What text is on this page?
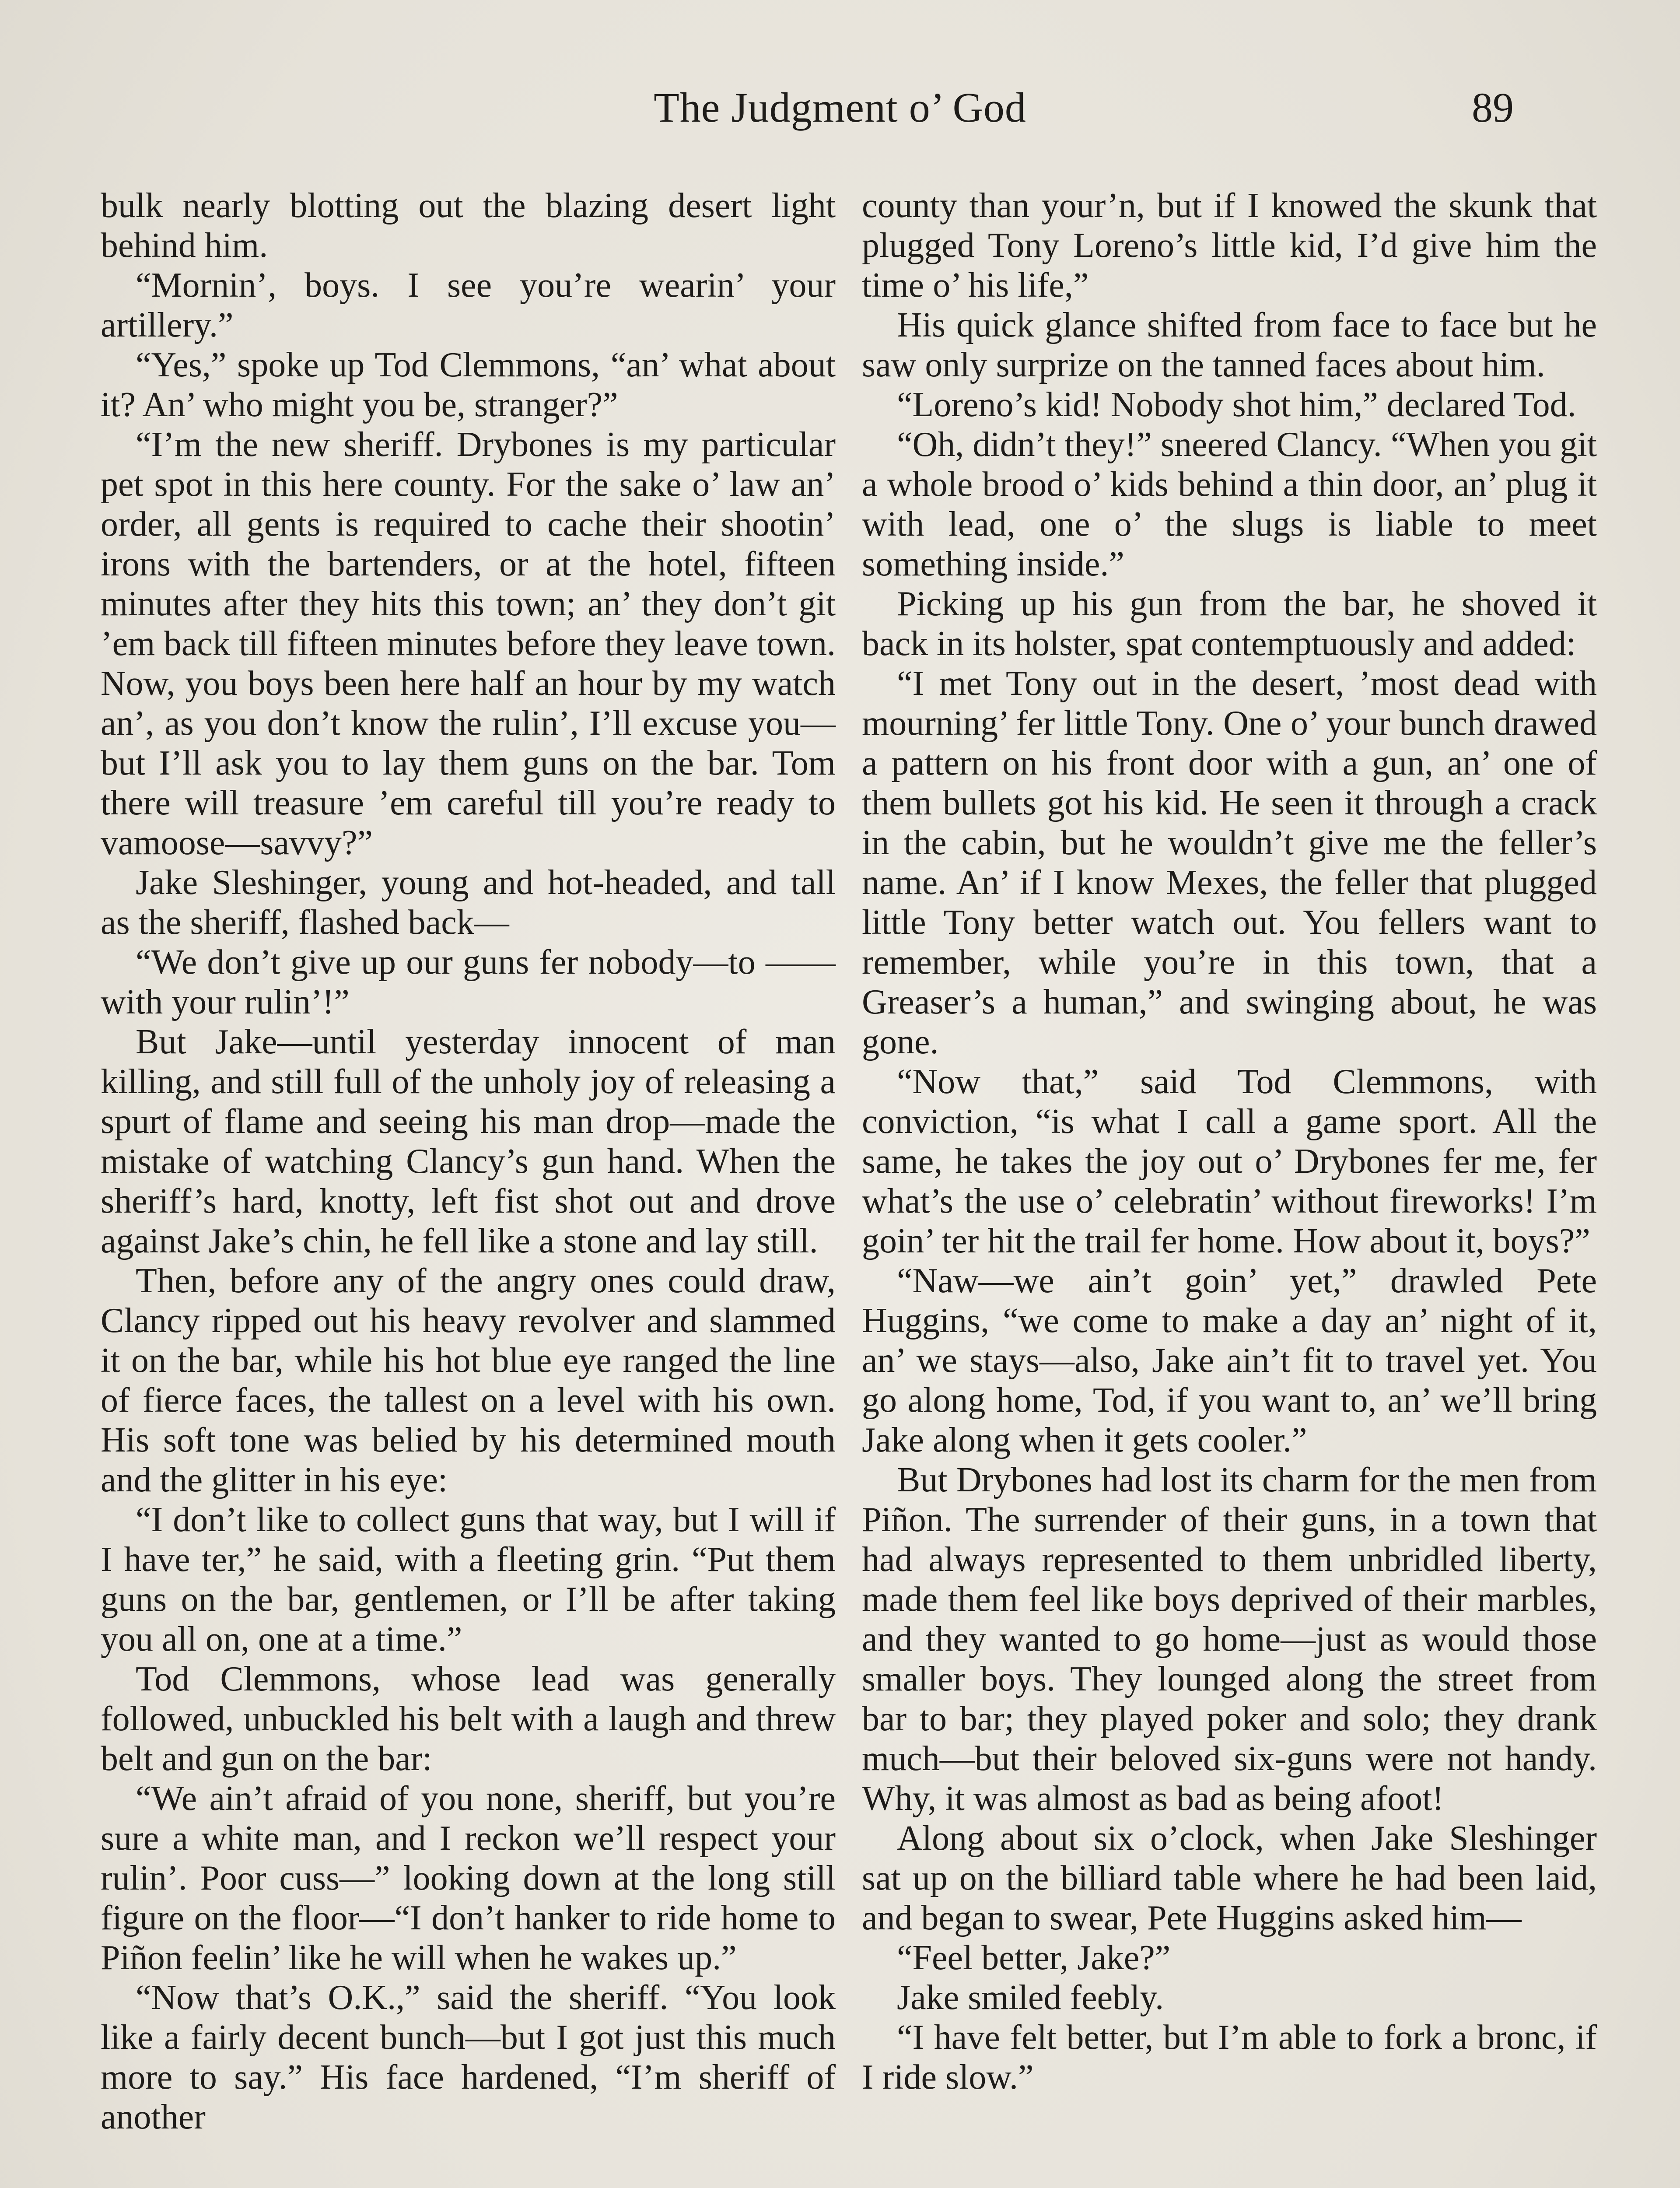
The Judgment o’ God	89

bulk nearly blotting out the blazing desert light behind him.

“Mornin’, boys. I see you’re wearin’ your artillery.”

“Yes,” spoke up Tod Clemmons, “an’ what about it? An’ who might you be, stranger?”

“I’m the new sheriff. Drybones is my particular pet spot in this here county. For the sake o’ law an’ order, all gents is required to cache their shootin’ irons with the bartenders, or at the hotel, fifteen minutes after they hits this town; an’ they don’t git ’em back till fifteen minutes before they leave town. Now, you boys been here half an hour by my watch an’, as you don’t know the rulin’, I’ll excuse you—but I’ll ask you to lay them guns on the bar. Tom there will treasure ’em careful till you’re ready to vamoose—savvy?”

Jake Sleshinger, young and hot-headed, and tall as the sheriff, flashed back—

“We don’t give up our guns fer nobody—to —— with your rulin’!”

But Jake—until yesterday innocent of man killing, and still full of the unholy joy of releasing a spurt of flame and seeing his man drop—made the mistake of watching Clancy’s gun hand. When the sheriff’s hard, knotty, left fist shot out and drove against Jake’s chin, he fell like a stone and lay still.

Then, before any of the angry ones could draw, Clancy ripped out his heavy revolver and slammed it on the bar, while his hot blue eye ranged the line of fierce faces, the tallest on a level with his own. His soft tone was belied by his determined mouth and the glitter in his eye:

“I don’t like to collect guns that way, but I will if I have ter,” he said, with a fleeting grin. “Put them guns on the bar, gentlemen, or I’ll be after taking you all on, one at a time.”

Tod Clemmons, whose lead was generally followed, unbuckled his belt with a laugh and threw belt and gun on the bar:

“We ain’t afraid of you none, sheriff, but you’re sure a white man, and I reckon we’ll respect your rulin’. Poor cuss—” looking down at the long still figure on the floor—“I don’t hanker to ride home to Piñon feelin’ like he will when he wakes up.”

“Now that’s O.K.,” said the sheriff. “You look like a fairly decent bunch—but I got just this much more to say.” His face hardened, “I’m sheriff of another

county than your’n, but if I knowed the skunk that plugged Tony Loreno’s little kid, I’d give him the time o’ his life,”

His quick glance shifted from face to face but he saw only surprize on the tanned faces about him.

“Loreno’s kid! Nobody shot him,” declared Tod.

“Oh, didn’t they!” sneered Clancy. “When you git a whole brood o’ kids behind a thin door, an’ plug it with lead, one o’ the slugs is liable to meet something inside.”

Picking up his gun from the bar, he shoved it back in its holster, spat contemptuously and added:

“I met Tony out in the desert, ’most dead with mourning’ fer little Tony. One o’ your bunch drawed a pattern on his front door with a gun, an’ one of them bullets got his kid. He seen it through a crack in the cabin, but he wouldn’t give me the feller’s name. An’ if I know Mexes, the feller that plugged little Tony better watch out. You fellers want to remember, while you’re in this town, that a Greaser’s a human,” and swinging about, he was gone.

“Now that,” said Tod Clemmons, with conviction, “is what I call a game sport. All the same, he takes the joy out o’ Drybones fer me, fer what’s the use o’ celebratin’ without fireworks! I’m goin’ ter hit the trail fer home. How about it, boys?”

“Naw—we ain’t goin’ yet,” drawled Pete Huggins, “we come to make a day an’ night of it, an’ we stays—also, Jake ain’t fit to travel yet. You go along home, Tod, if you want to, an’ we’ll bring Jake along when it gets cooler.”

But Drybones had lost its charm for the men from Piñon. The surrender of their guns, in a town that had always represented to them unbridled liberty, made them feel like boys deprived of their marbles, and they wanted to go home—just as would those smaller boys. They lounged along the street from bar to bar; they played poker and solo; they drank much—but their beloved six-guns were not handy. Why, it was almost as bad as being afoot!

Along about six o’clock, when Jake Sleshinger sat up on the billiard table where he had been laid, and began to swear, Pete Huggins asked him—

“Feel better, Jake?”

Jake smiled feebly.

“I have felt better, but I’m able to fork a bronc, if I ride slow.”
